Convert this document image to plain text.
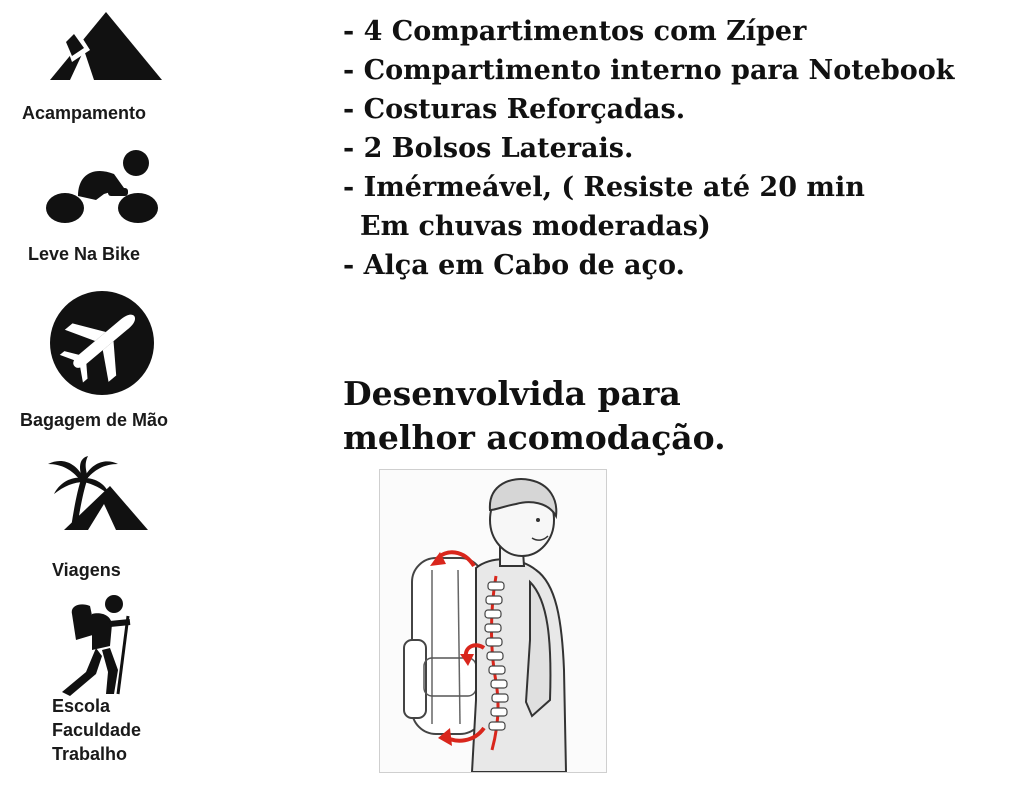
Acampamento
Leve Na Bike
Bagagem de Mão
Viagens
Escola
Faculdade
Trabalho
- 4 Compartimentos com Zíper
- Compartimento interno para Notebook
- Costuras Reforçadas.
- 2 Bolsos Laterais.
- Imérmeável, ( Resiste até 20 min
Em chuvas moderadas)
- Alça em Cabo de aço.
Desenvolvida para
melhor acomodação.
